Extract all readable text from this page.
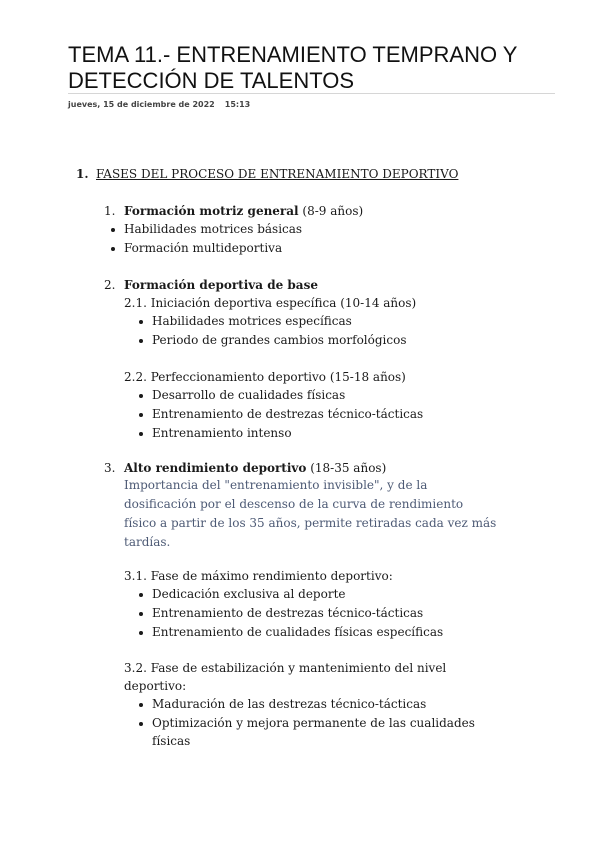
TEMA 11.- ENTRENAMIENTO TEMPRANO Y DETECCIÓN DE TALENTOS
jueves, 15 de diciembre de 2022 15:13
1. FASES DEL PROCESO DE ENTRENAMIENTO DEPORTIVO
1. Formación motriz general (8-9 años)
Habilidades motrices básicas
Formación multideportiva
2. Formación deportiva de base
2.1. Iniciación deportiva específica (10-14 años)
Habilidades motrices específicas
Periodo de grandes cambios morfológicos
2.2. Perfeccionamiento deportivo (15-18 años)
Desarrollo de cualidades físicas
Entrenamiento de destrezas técnico-tácticas
Entrenamiento intenso
3. Alto rendimiento deportivo (18-35 años)
Importancia del "entrenamiento invisible", y de la
dosificación por el descenso de la curva de rendimiento
físico a partir de los 35 años, permite retiradas cada vez más
tardías.
3.1. Fase de máximo rendimiento deportivo:
Dedicación exclusiva al deporte
Entrenamiento de destrezas técnico-tácticas
Entrenamiento de cualidades físicas específicas
3.2. Fase de estabilización y mantenimiento del nivel
deportivo:
Maduración de las destrezas técnico-tácticas
Optimización y mejora permanente de las cualidades
físicas
